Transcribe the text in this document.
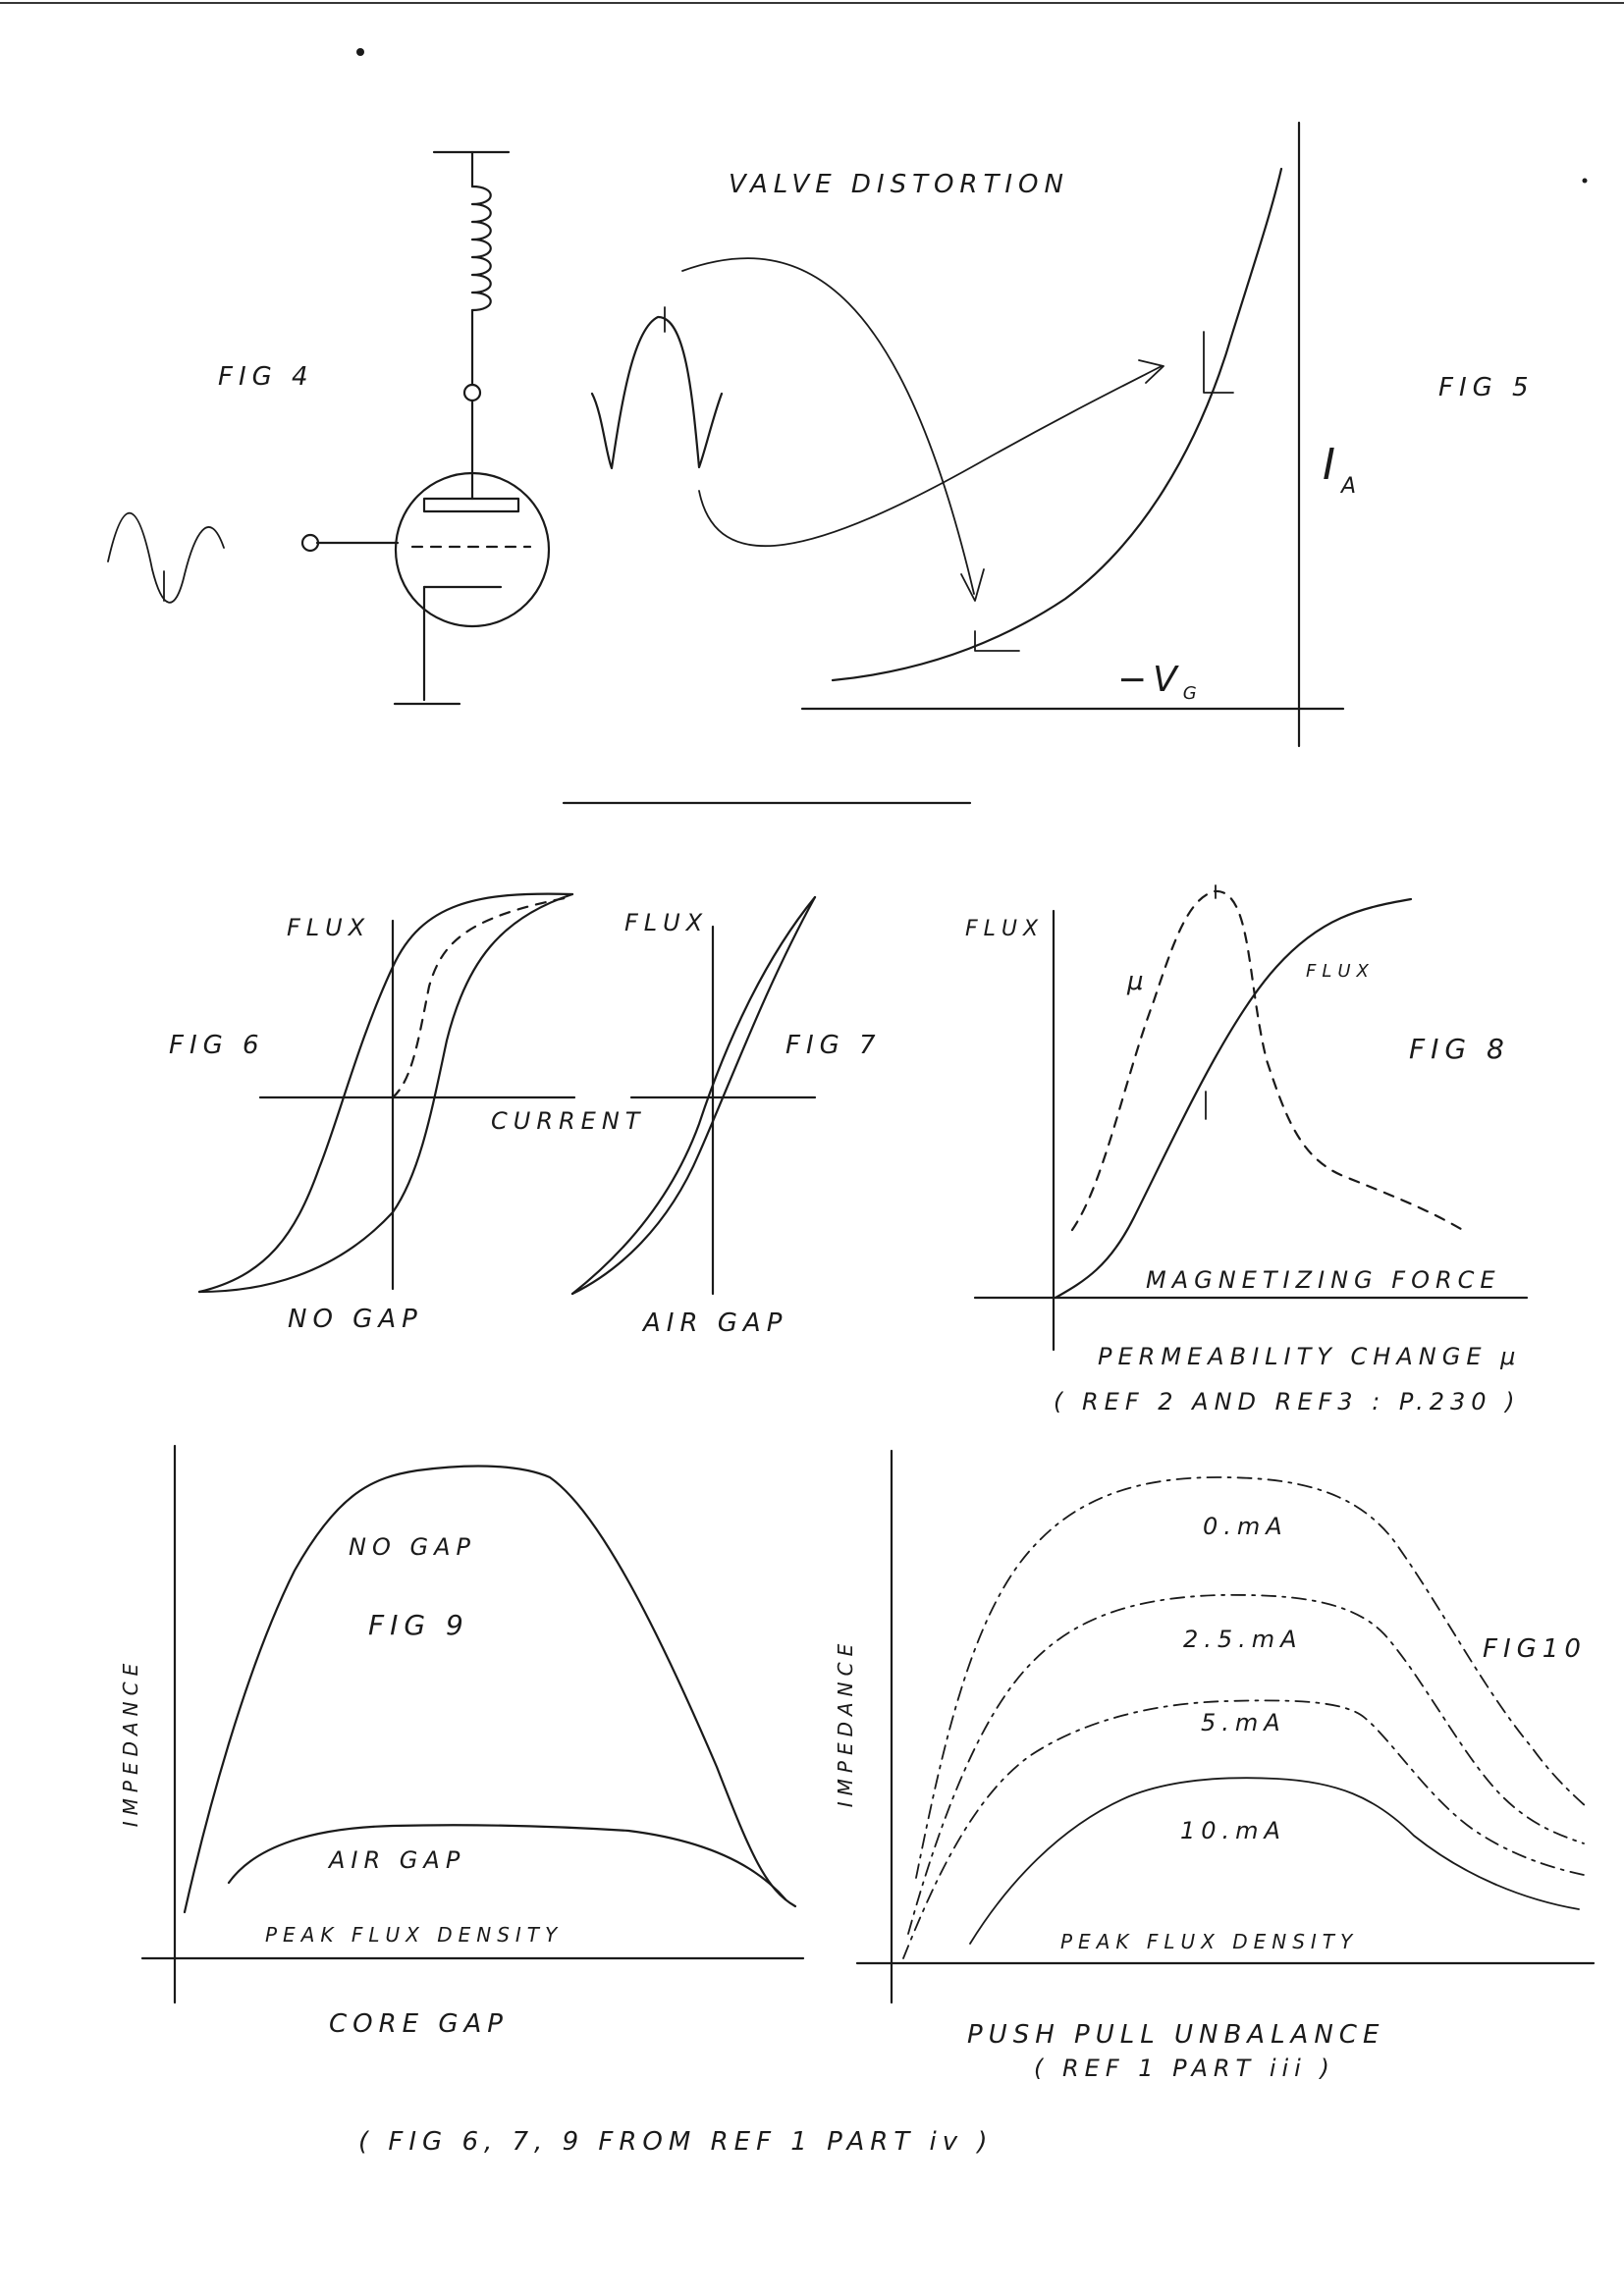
FIG 4
VALVE DISTORTION
FIG 5
$I_A$
$-V_G$
FLUX
FIG 6
CURRENT
NO GAP
FLUX
FIG 7
AIR GAP
FLUX
μ	FLUX
FIG 8
MAGNETIZING FORCE
PERMEABILITY CHANGE μ
( REF 2 AND REF3 : P.230 )
NO GAP
FIG 9
AIR GAP
PEAK FLUX DENSITY
IMPEDANCE
CORE GAP
0.mA
2.5.mA
5.mA
10.mA
FIG10
PEAK FLUX DENSITY
IMPEDANCE
PUSH PULL UNBALANCE
( REF 1 PART iii )
( FIG 6, 7, 9 FROM REF 1 PART iv )
